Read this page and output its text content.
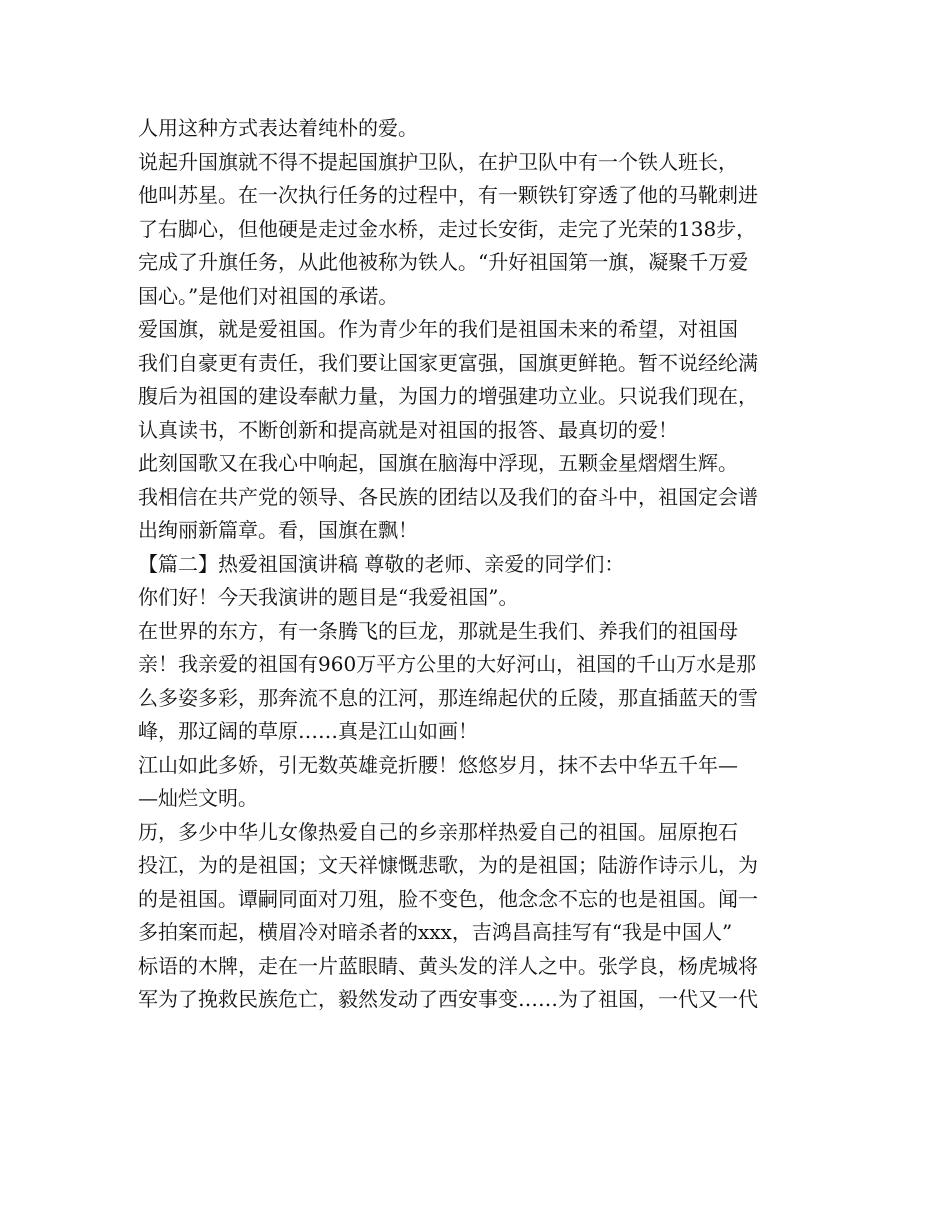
人用这种方式表达着纯朴的爱。
说起升国旗就不得不提起国旗护卫队，在护卫队中有一个铁人班长，
他叫苏星。在一次执行任务的过程中，有一颗铁钉穿透了他的马靴刺进
了右脚心，但他硬是走过金水桥，走过长安街，走完了光荣的138步，
完成了升旗任务，从此他被称为铁人。“升好祖国第一旗，凝聚千万爱
国心。”是他们对祖国的承诺。
爱国旗，就是爱祖国。作为青少年的我们是祖国未来的希望，对祖国
我们自豪更有责任，我们要让国家更富强，国旗更鲜艳。暂不说经纶满
腹后为祖国的建设奉献力量，为国力的增强建功立业。只说我们现在，
认真读书，不断创新和提高就是对祖国的报答、最真切的爱！
此刻国歌又在我心中响起，国旗在脑海中浮现，五颗金星熠熠生辉。
我相信在共产党的领导、各民族的团结以及我们的奋斗中，祖国定会谱
出绚丽新篇章。看，国旗在飘！
【篇二】热爱祖国演讲稿 尊敬的老师、亲爱的同学们：
你们好！今天我演讲的题目是“我爱祖国”。
在世界的东方，有一条腾飞的巨龙，那就是生我们、养我们的祖国母
亲！我亲爱的祖国有960万平方公里的大好河山，祖国的千山万水是那
么多姿多彩，那奔流不息的江河，那连绵起伏的丘陵，那直插蓝天的雪
峰，那辽阔的草原……真是江山如画！
江山如此多娇，引无数英雄竞折腰！悠悠岁月，抹不去中华五千年—
—灿烂文明。
历，多少中华儿女像热爱自己的乡亲那样热爱自己的祖国。屈原抱石
投江，为的是祖国；文天祥慷慨悲歌，为的是祖国；陆游作诗示儿，为
的是祖国。谭嗣同面对刀殂，脸不变色，他念念不忘的也是祖国。闻一
多拍案而起，横眉冷对暗杀者的xxx，吉鸿昌高挂写有“我是中国人”
标语的木牌，走在一片蓝眼睛、黄头发的洋人之中。张学良，杨虎城将
军为了挽救民族危亡，毅然发动了西安事变……为了祖国，一代又一代
